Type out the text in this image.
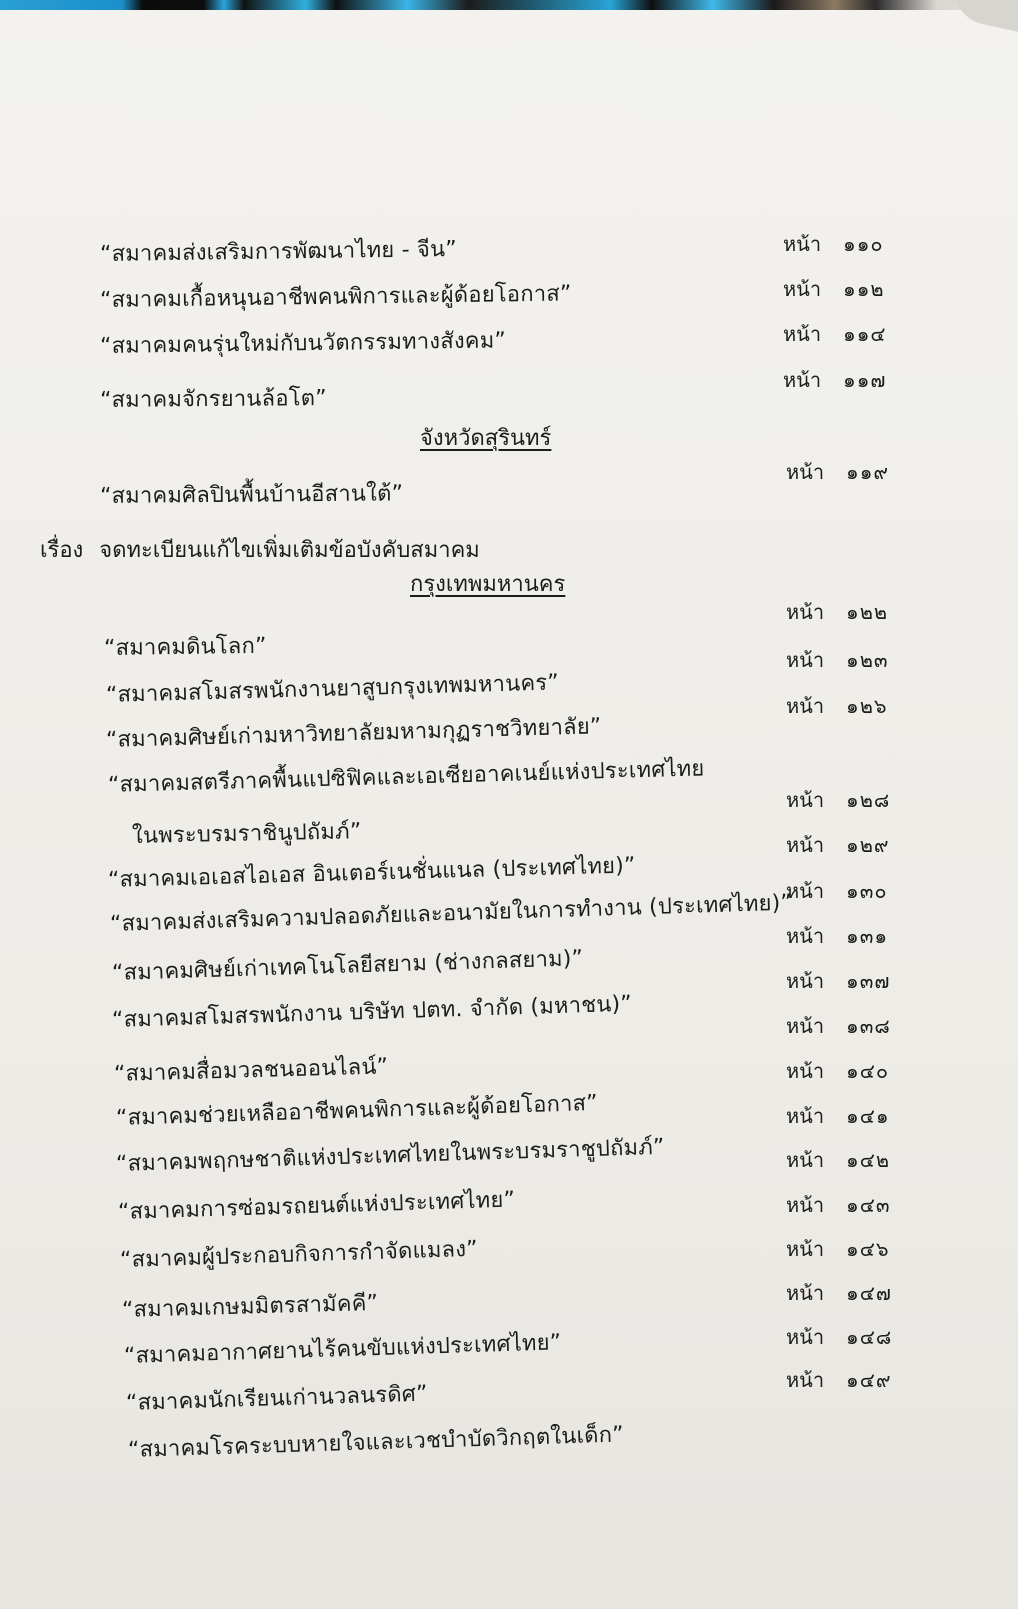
“สมาคมส่งเสริมการพัฒนาไทย - จีน”
“สมาคมเกื้อหนุนอาชีพคนพิการและผู้ด้อยโอกาส”
“สมาคมคนรุ่นใหม่กับนวัตกรรมทางสังคม”
“สมาคมจักรยานล้อโต”
หน้า ๑๑๐
หน้า ๑๑๒
หน้า ๑๑๔
หน้า ๑๑๗
จังหวัดสุรินทร์
“สมาคมศิลปินพื้นบ้านอีสานใต้”
หน้า ๑๑๙
เรื่อง จดทะเบียนแก้ไขเพิ่มเติมข้อบังคับสมาคม
กรุงเทพมหานคร
“สมาคมดินโลก”
“สมาคมสโมสรพนักงานยาสูบกรุงเทพมหานคร”
“สมาคมศิษย์เก่ามหาวิทยาลัยมหามกุฏราชวิทยาลัย”
“สมาคมสตรีภาคพื้นแปซิฟิคและเอเซียอาคเนย์แห่งประเทศไทย
ในพระบรมราชินูปถัมภ์”
“สมาคมเอเอสไอเอส อินเตอร์เนชั่นแนล (ประเทศไทย)”
“สมาคมส่งเสริมความปลอดภัยและอนามัยในการทำงาน (ประเทศไทย)”
“สมาคมศิษย์เก่าเทคโนโลยีสยาม (ช่างกลสยาม)”
“สมาคมสโมสรพนักงาน บริษัท ปตท. จำกัด (มหาชน)”
“สมาคมสื่อมวลชนออนไลน์”
“สมาคมช่วยเหลืออาชีพคนพิการและผู้ด้อยโอกาส”
“สมาคมพฤกษชาติแห่งประเทศไทยในพระบรมราชูปถัมภ์”
“สมาคมการซ่อมรถยนต์แห่งประเทศไทย”
“สมาคมผู้ประกอบกิจการกำจัดแมลง”
“สมาคมเกษมมิตรสามัคคี”
“สมาคมอากาศยานไร้คนขับแห่งประเทศไทย”
“สมาคมนักเรียนเก่านวลนรดิศ”
“สมาคมโรคระบบหายใจและเวชบำบัดวิกฤตในเด็ก”
หน้า ๑๒๒
หน้า ๑๒๓
หน้า ๑๒๖
หน้า ๑๒๘
หน้า ๑๒๙
หน้า ๑๓๐
หน้า ๑๓๑
หน้า ๑๓๗
หน้า ๑๓๘
หน้า ๑๔๐
หน้า ๑๔๑
หน้า ๑๔๒
หน้า ๑๔๓
หน้า ๑๔๖
หน้า ๑๔๗
หน้า ๑๔๘
หน้า ๑๔๙
